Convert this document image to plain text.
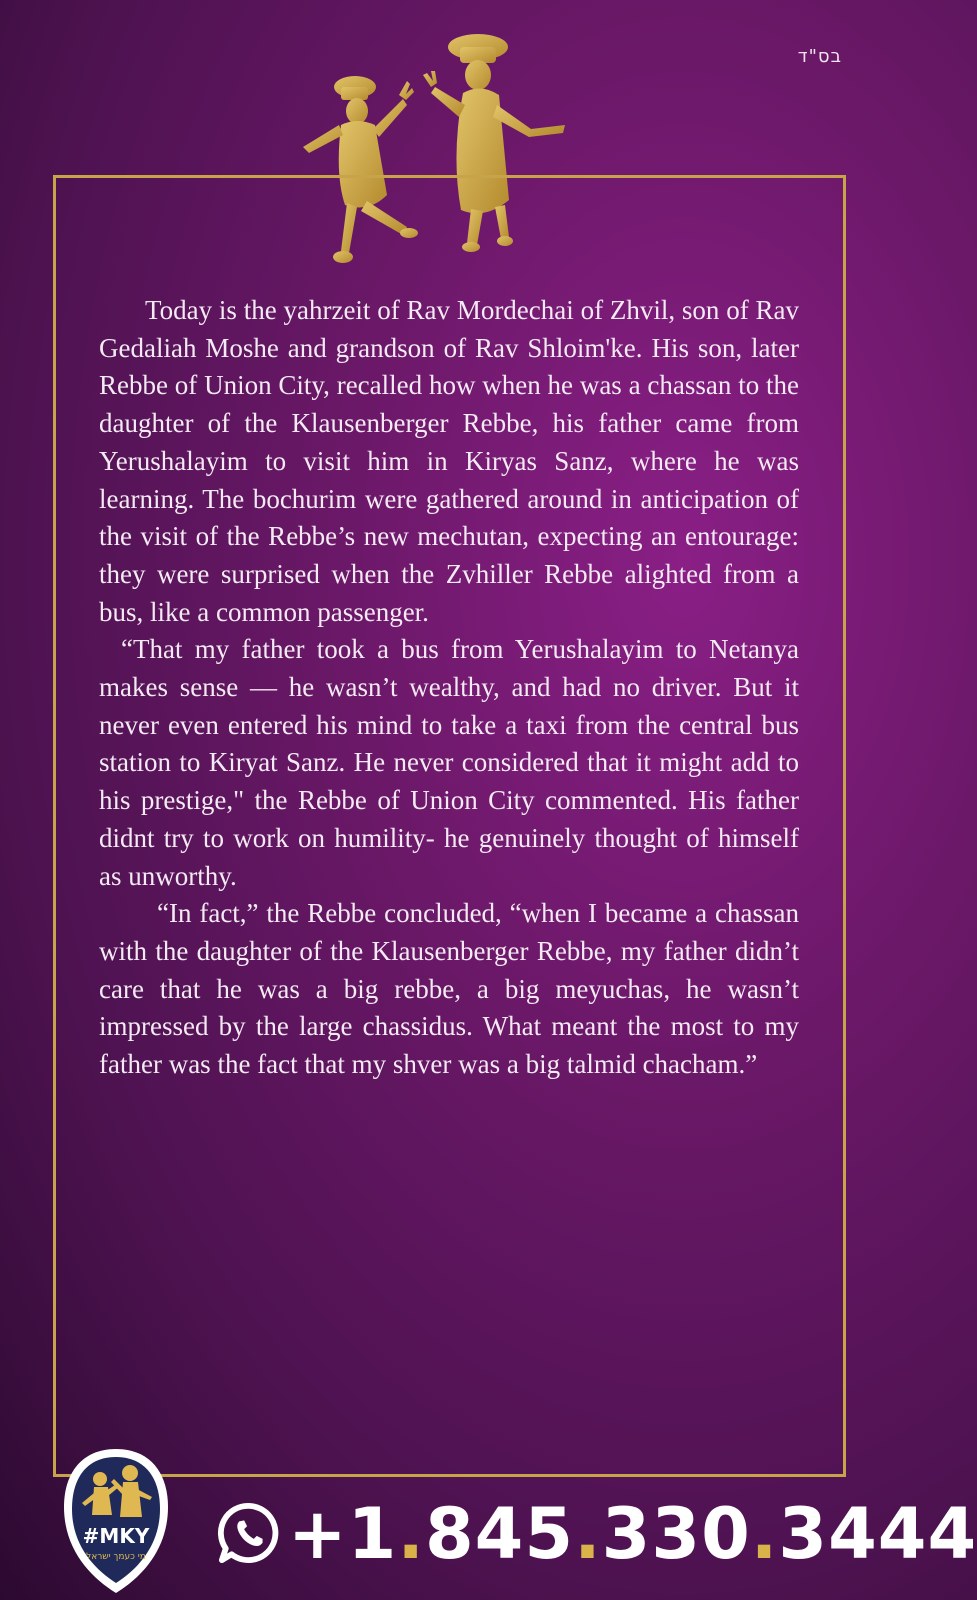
בס"ד

Today is the yahrzeit of Rav Mordechai of Zhvil, son of Rav Gedaliah Moshe and grandson of Rav Shloim'ke. His son, later Rebbe of Union City, recalled how when he was a chassan to the daughter of the Klausenberger Rebbe, his father came from Yerushalayim to visit him in Kiryas Sanz, where he was learning. The bochurim were gathered around in anticipation of the visit of the Rebbe’s new mechutan, expecting an entourage: they were surprised when the Zvhiller Rebbe alighted from a bus, like a common passenger.

“That my father took a bus from Yerushalayim to Netanya makes sense — he wasn’t wealthy, and had no driver. But it never even entered his mind to take a taxi from the central bus station to Kiryat Sanz. He never considered that it might add to his prestige," the Rebbe of Union City commented. His father didnt try to work on humility- he genuinely thought of himself as unworthy.

“In fact,” the Rebbe concluded, “when I became a chassan with the daughter of the Klausenberger Rebbe, my father didn’t care that he was a big rebbe, a big meyuchas, he wasn’t impressed by the large chassidus. What meant the most to my father was the fact that my shver was a big talmid chacham.”

#MKY
מי כעמך ישראל +1.845.330.3444
